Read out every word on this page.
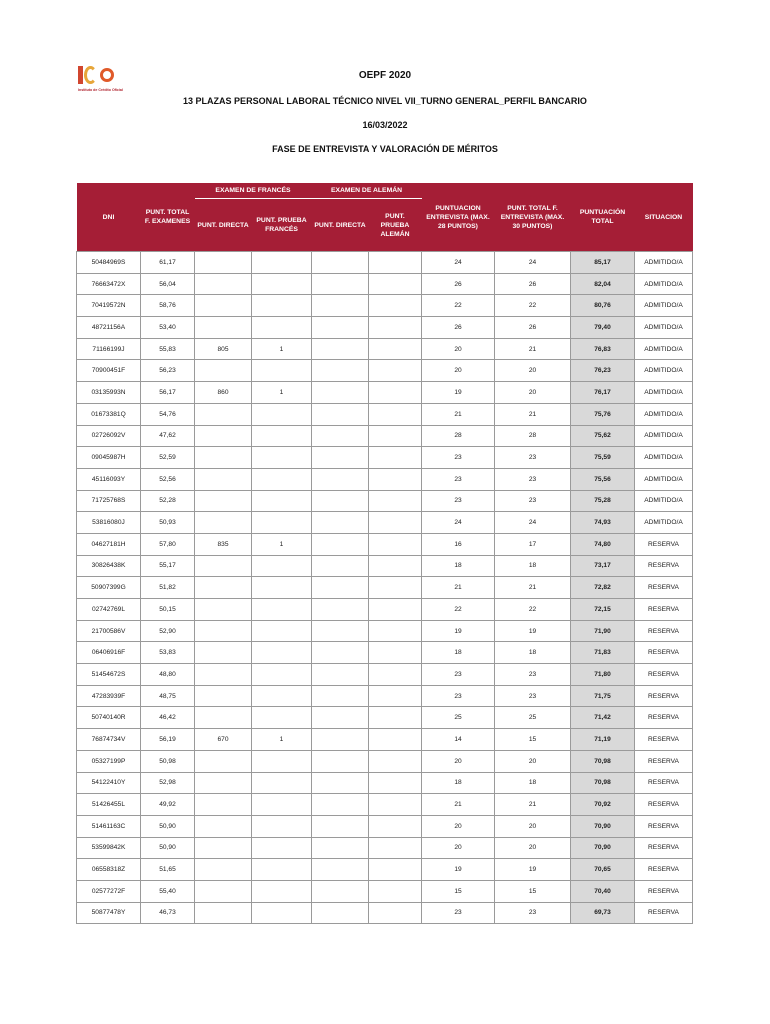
Instituto de Crédito Oficial
OEPF 2020
13 PLAZAS PERSONAL LABORAL TÉCNICO NIVEL VII_TURNO GENERAL_PERFIL BANCARIO
16/03/2022
FASE DE ENTREVISTA Y VALORACIÓN DE MÉRITOS
DNI	PUNT. TOTAL F. EXAMENES	EXAMEN DE FRANCÉS		EXAMEN DE ALEMÁN		PUNTUACION ENTREVISTA (MAX. 28 PUNTOS)	PUNT. TOTAL F. ENTREVISTA (MAX. 30 PUNTOS)	PUNTUACIÓN TOTAL	SITUACION
		PUNT. DIRECTA	PUNT. PRUEBA FRANCÉS	PUNT. DIRECTA	PUNT. PRUEBA ALEMÁN				
50484969S	61,17					24	24	85,17	ADMITIDO/A
76663472X	56,04					26	26	82,04	ADMITIDO/A
70419572N	58,76					22	22	80,76	ADMITIDO/A
48721156A	53,40					26	26	79,40	ADMITIDO/A
71166199J	55,83	805	1			20	21	76,83	ADMITIDO/A
70900451F	56,23					20	20	76,23	ADMITIDO/A
03135993N	56,17	860	1			19	20	76,17	ADMITIDO/A
01673381Q	54,76					21	21	75,76	ADMITIDO/A
02726092V	47,62					28	28	75,62	ADMITIDO/A
09045987H	52,59					23	23	75,59	ADMITIDO/A
45116093Y	52,56					23	23	75,56	ADMITIDO/A
71725768S	52,28					23	23	75,28	ADMITIDO/A
53816080J	50,93					24	24	74,93	ADMITIDO/A
04627181H	57,80	835	1			16	17	74,80	RESERVA
30826438K	55,17					18	18	73,17	RESERVA
50907399G	51,82					21	21	72,82	RESERVA
02742769L	50,15					22	22	72,15	RESERVA
21700586V	52,90					19	19	71,90	RESERVA
06406916F	53,83					18	18	71,83	RESERVA
51454672S	48,80					23	23	71,80	RESERVA
47283939F	48,75					23	23	71,75	RESERVA
50740140R	46,42					25	25	71,42	RESERVA
76874734V	56,19	670	1			14	15	71,19	RESERVA
05327199P	50,98					20	20	70,98	RESERVA
54122410Y	52,98					18	18	70,98	RESERVA
51426455L	49,92					21	21	70,92	RESERVA
51461163C	50,90					20	20	70,90	RESERVA
53599842K	50,90					20	20	70,90	RESERVA
06558318Z	51,65					19	19	70,65	RESERVA
02577272F	55,40					15	15	70,40	RESERVA
50877478Y	46,73					23	23	69,73	RESERVA
